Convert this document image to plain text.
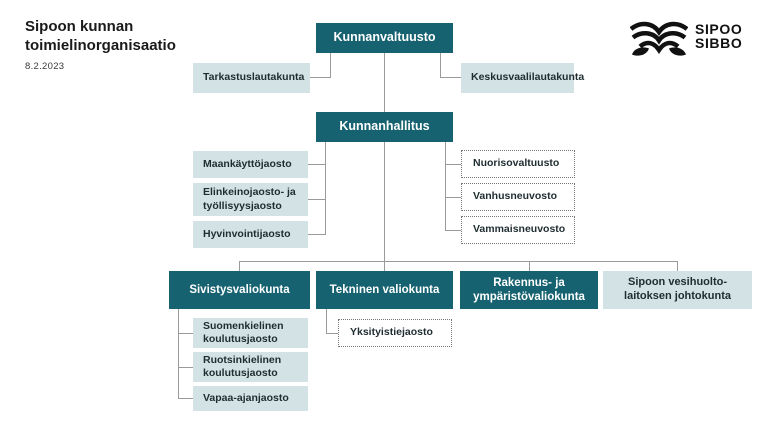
Sipoon kunnan
toimielinorganisaatio
8.2.2023
SIPOO
SIBBO
Kunnanvaltuusto
Tarkastuslautakunta	Keskusvaalilautakunta
Kunnanhallitus
Maankäyttöjaosto
Elinkeinojaosto- ja työllisyysjaosto
Hyvinvointijaosto
Nuorisovaltuusto
Vanhusneuvosto
Vammaisneuvosto
Sivistysvaliokunta	Tekninen valiokunta
Rakennus- ja ympäristövaliokunta
Sipoon vesihuolto-laitoksen johtokunta
Suomenkielinen koulutusjaosto
Ruotsinkielinen koulutusjaosto
Vapaa-ajanjaosto
Yksityistiejaosto
